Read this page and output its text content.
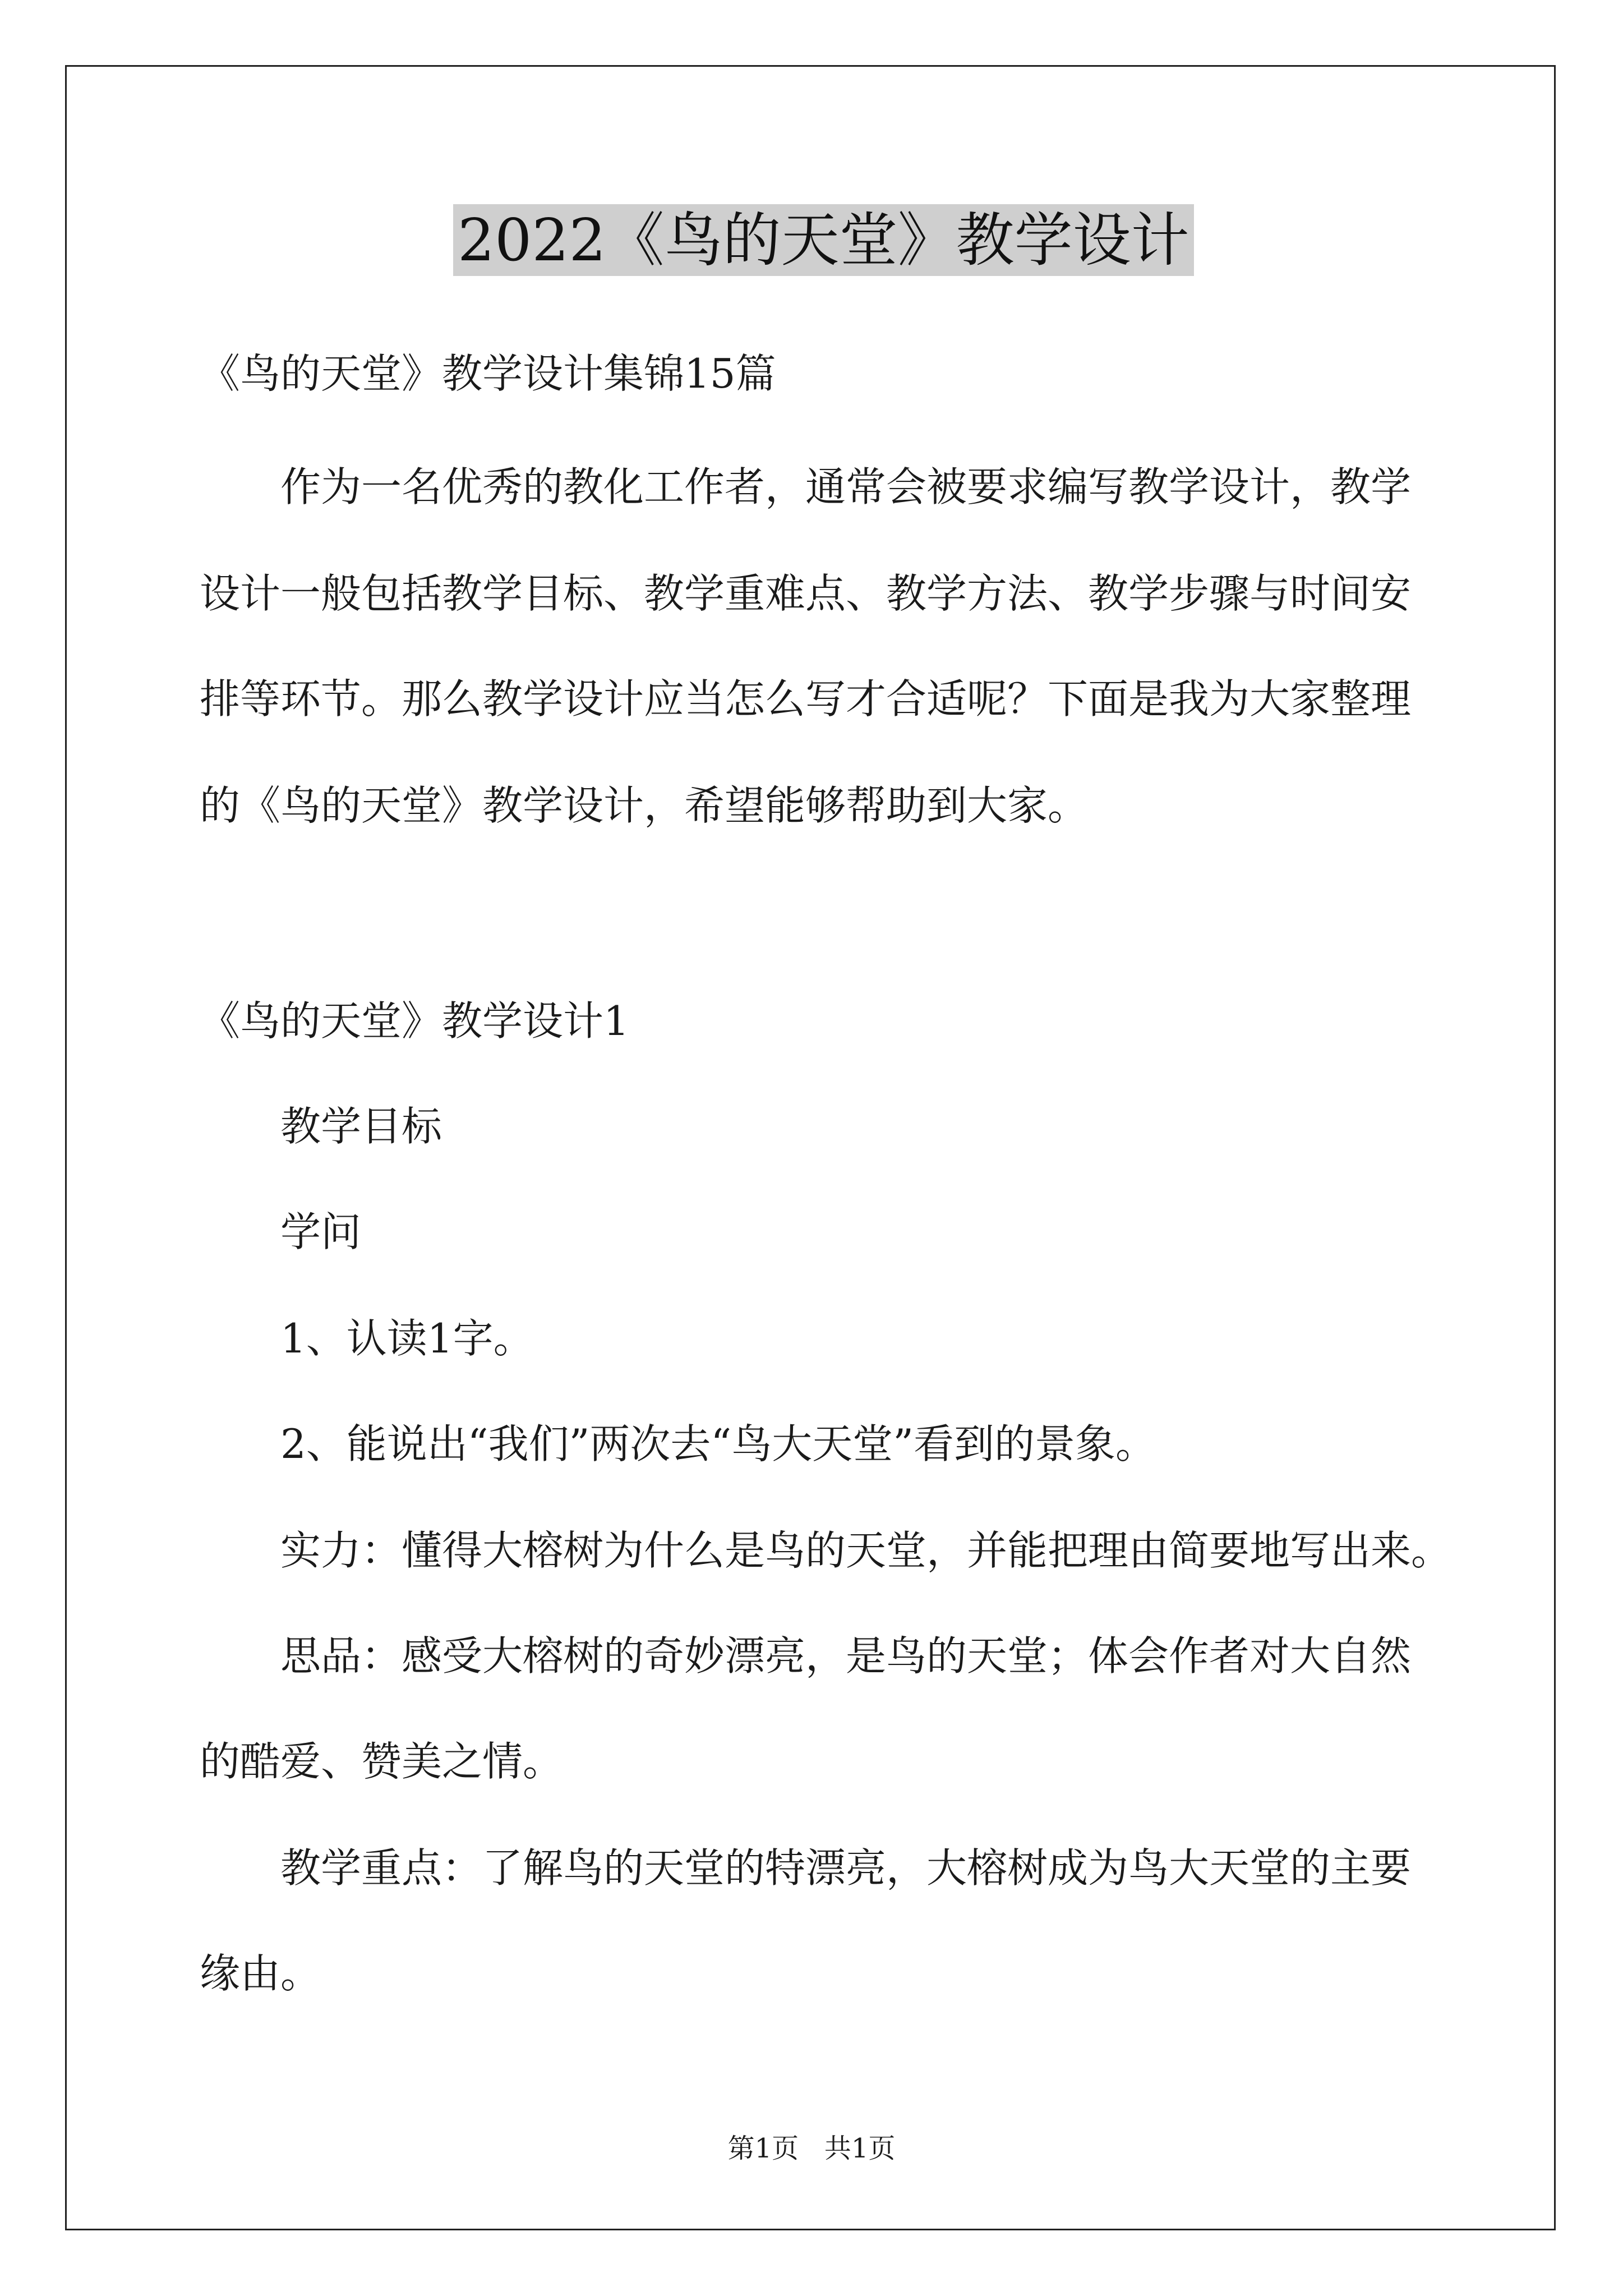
2022《鸟的天堂》教学设计
《鸟的天堂》教学设计集锦15篇
作为一名优秀的教化工作者，通常会被要求编写教学设计，教学
设计一般包括教学目标、教学重难点、教学方法、教学步骤与时间安
排等环节。那么教学设计应当怎么写才合适呢？下面是我为大家整理
的《鸟的天堂》教学设计，希望能够帮助到大家。
《鸟的天堂》教学设计1
教学目标
学问
1、认读1字。
2、能说出“我们”两次去“鸟大天堂”看到的景象。
实力：懂得大榕树为什么是鸟的天堂，并能把理由简要地写出来。
思品：感受大榕树的奇妙漂亮，是鸟的天堂；体会作者对大自然
的酷爱、赞美之情。
教学重点：了解鸟的天堂的特漂亮，大榕树成为鸟大天堂的主要
缘由。
第1页   共1页
